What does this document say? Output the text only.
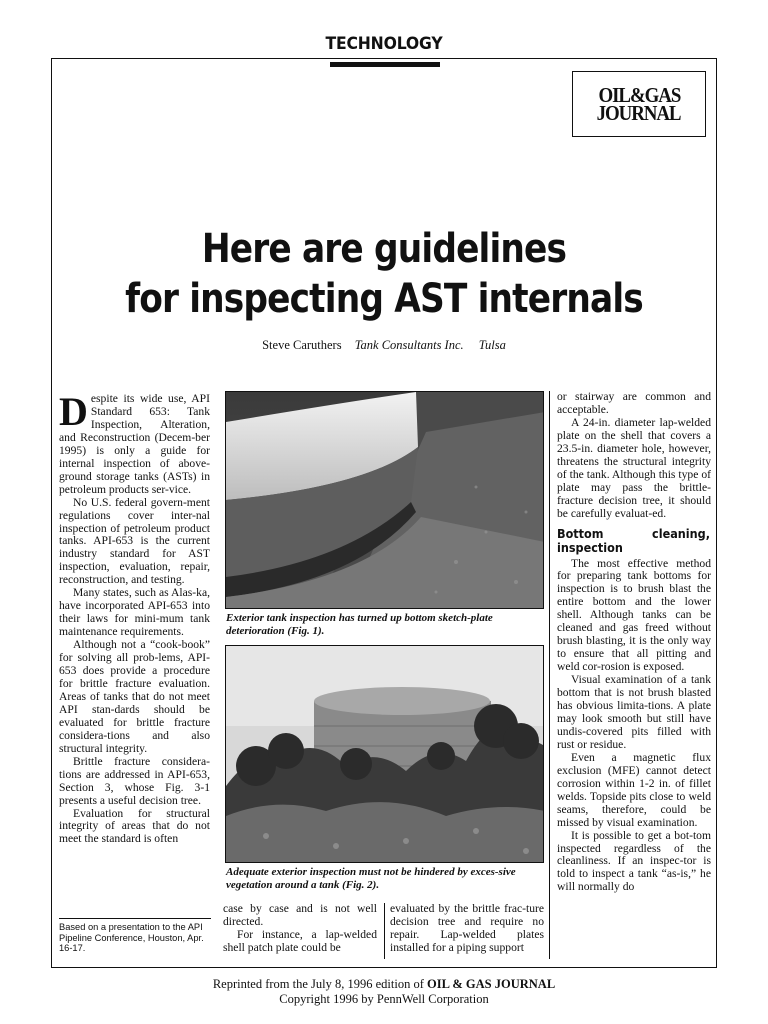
TECHNOLOGY
OIL&GAS
JOURNAL
Here are guidelines
for inspecting AST internals
Steve Caruthers Tank Consultants Inc. Tulsa

Despite its wide use, API Standard 653: Tank Inspection, Alteration, and Reconstruction (Decem-ber 1995) is only a guide for internal inspection of above-ground storage tanks (ASTs) in petroleum products ser-vice.

No U.S. federal govern-ment regulations cover inter-nal inspection of petroleum product tanks. API-653 is the current industry standard for AST inspection, evaluation, repair, reconstruction, and testing.

Many states, such as Alas-ka, have incorporated API-653 into their laws for mini-mum tank maintenance requirements.

Although not a “cook-book” for solving all prob-lems, API-653 does provide a procedure for brittle fracture evaluation. Areas of tanks that do not meet API stan-dards should be evaluated for brittle fracture considera-tions and also structural integrity.

Brittle fracture considera-tions are addressed in API-653, Section 3, whose Fig. 3-1 presents a useful decision tree.

Evaluation for structural integrity of areas that do not meet the standard is often

Based on a presentation to the API Pipeline Conference, Houston, Apr. 16-17.
Exterior tank inspection has turned up bottom sketch-plate deterioration (Fig. 1).
Adequate exterior inspection must not be hindered by exces-sive vegetation around a tank (Fig. 2).

case by case and is not well directed.

For instance, a lap-welded shell patch plate could be

evaluated by the brittle frac-ture decision tree and require no repair. Lap-welded plates installed for a piping support

or stairway are common and acceptable.

A 24-in. diameter lap-welded plate on the shell that covers a 23.5-in. diameter hole, however, threatens the structural integrity of the tank. Although this type of plate may pass the brittle-fracture decision tree, it should be carefully evaluat-ed.

Bottom cleaning, inspection

The most effective method for preparing tank bottoms for inspection is to brush blast the entire bottom and the lower shell. Although tanks can be cleaned and gas freed without brush blasting, it is the only way to ensure that all pitting and weld cor-rosion is exposed.

Visual examination of a tank bottom that is not brush blasted has obvious limita-tions. A plate may look smooth but still have undis-covered pits filled with rust or residue.

Even a magnetic flux exclusion (MFE) cannot detect corrosion within 1-2 in. of fillet welds. Topside pits close to weld seams, therefore, could be missed by visual examination.

It is possible to get a bot-tom inspected regardless of the cleanliness. If an inspec-tor is told to inspect a tank “as-is,” he will normally do

Reprinted from the July 8, 1996 edition of OIL & GAS JOURNAL
Copyright 1996 by PennWell Corporation
